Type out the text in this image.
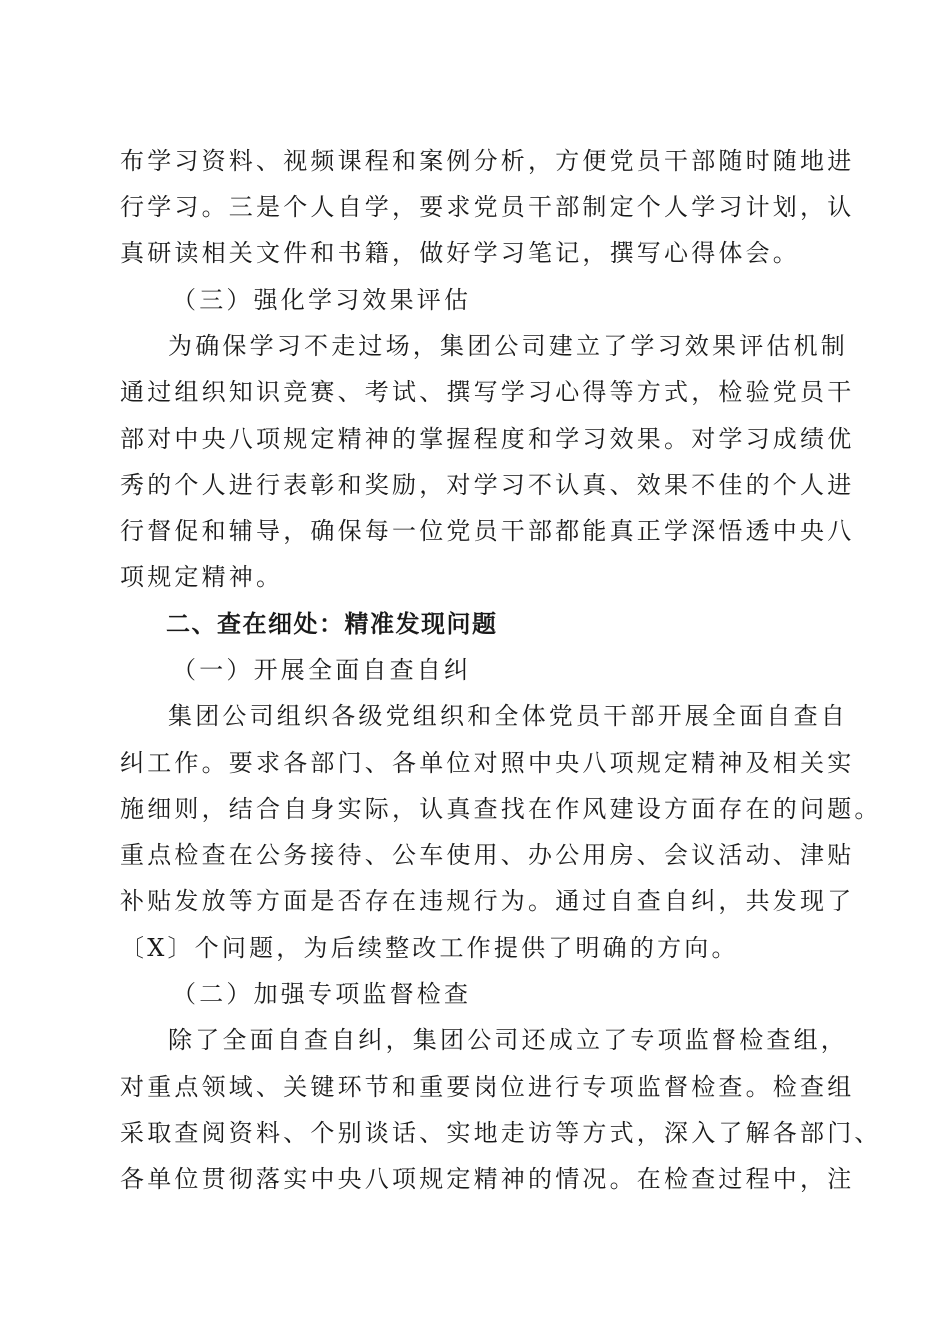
布学习资料、视频课程和案例分析，方便党员干部随时随地进
行学习。三是个人自学，要求党员干部制定个人学习计划，认
真研读相关文件和书籍，做好学习笔记，撰写心得体会。
（三）强化学习效果评估
为确保学习不走过场，集团公司建立了学习效果评估机制
通过组织知识竞赛、考试、撰写学习心得等方式，检验党员干
部对中央八项规定精神的掌握程度和学习效果。对学习成绩优
秀的个人进行表彰和奖励，对学习不认真、效果不佳的个人进
行督促和辅导，确保每一位党员干部都能真正学深悟透中央八
项规定精神。
二、查在细处：精准发现问题
（一）开展全面自查自纠
集团公司组织各级党组织和全体党员干部开展全面自查自
纠工作。要求各部门、各单位对照中央八项规定精神及相关实
施细则，结合自身实际，认真查找在作风建设方面存在的问题。
重点检查在公务接待、公车使用、办公用房、会议活动、津贴
补贴发放等方面是否存在违规行为。通过自查自纠，共发现了
〔X〕个问题，为后续整改工作提供了明确的方向。
（二）加强专项监督检查
除了全面自查自纠，集团公司还成立了专项监督检查组，
对重点领域、关键环节和重要岗位进行专项监督检查。检查组
采取查阅资料、个别谈话、实地走访等方式，深入了解各部门、
各单位贯彻落实中央八项规定精神的情况。在检查过程中，注
